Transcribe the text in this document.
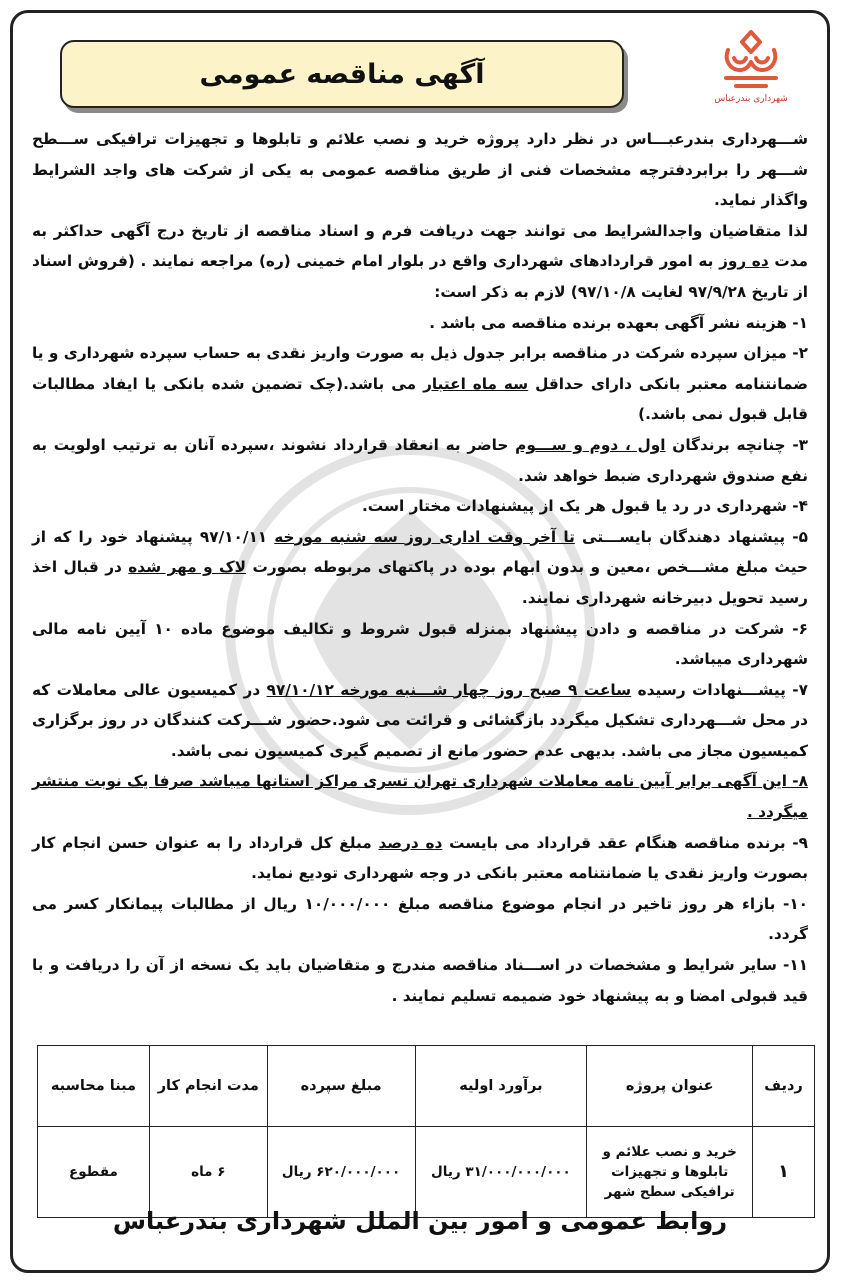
آگهی مناقصه عمومی
شهرداری بندرعباس

شـــهرداری بندرعبـــاس در نظر دارد پروژه خرید و نصب علائم و تابلوها و تجهیزات ترافیکی ســـطح شـــهر را برابردفترچه مشخصات فنی از طریق مناقصه عمومی به یکی از شرکت های واجد الشرایط واگذار نماید.

لذا متقاضیان واجدالشرایط می توانند جهت دریافت فرم و اسناد مناقصه از تاریخ درج آگهی حداکثر به مدت ده روز به امور قراردادهای شهرداری واقع در بلوار امام خمینی (ره) مراجعه نمایند . (فروش اسناد از تاریخ ۹۷/۹/۲۸ لغایت ۹۷/۱۰/۸) لازم به ذکر است:

۱- هزینه نشر آگهی بعهده برنده مناقصه می باشد .

۲- میزان سپرده شرکت در مناقصه برابر جدول ذیل به صورت واریز نقدی به حساب سپرده شهرداری و یا ضمانتنامه معتبر بانکی دارای حداقل سه ماه اعتبار می باشد.(چک تضمین شده بانکی یا ایفاد مطالبات قابل قبول نمی باشد.)

۳- چنانچه برندگان اول ، دوم و ســـوم حاضر به انعقاد قرارداد نشوند ،سپرده آنان به ترتیب اولویت به نفع صندوق شهرداری ضبط خواهد شد.

۴- شهرداری در رد یا قبول هر یک از پیشنهادات مختار است.

۵- پیشنهاد دهندگان بایســـتی تا آخر وقت اداری روز سه شنبه مورخه ۹۷/۱۰/۱۱ پیشنهاد خود را که از حیث مبلغ مشـــخص ،معین و بدون ابهام بوده در پاکتهای مربوطه بصورت لاک و مهر شده در قبال اخذ رسید تحویل دبیرخانه شهرداری نمایند.

۶- شرکت در مناقصه و دادن پیشنهاد بمنزله قبول شروط و تکالیف موضوع ماده ۱۰ آیین نامه مالی شهرداری میباشد.

۷- پیشـــنهادات رسیده ساعت ۹ صبح روز چهار شـــنبه مورخه ۹۷/۱۰/۱۲ در کمیسیون عالی معاملات که در محل شـــهرداری تشکیل میگردد بازگشائی و قرائت می شود.حضور شـــرکت کنندگان در روز برگزاری کمیسیون مجاز می باشد. بدیهی عدم حضور مانع از تصمیم گیری کمیسیون نمی باشد.

۸- این آگهی برابر آیین نامه معاملات شهرداری تهران تسری مراکز استانها میباشد صرفا یک نوبت منتشر میگردد .

۹- برنده مناقصه هنگام عقد قرارداد می بایست ده درصد مبلغ کل قرارداد را به عنوان حسن انجام کار بصورت واریز نقدی یا ضمانتنامه معتبر بانکی در وجه شهرداری تودیع نماید.

۱۰- بازاء هر روز تاخیر در انجام موضوع مناقصه مبلغ ۱۰/۰۰۰/۰۰۰ ریال از مطالبات پیمانکار کسر می گردد.

۱۱- سایر شرایط و مشخصات در اســـناد مناقصه مندرج و متقاضیان باید یک نسخه از آن را دریافت و با قید قبولی امضا و به پیشنهاد خود ضمیمه تسلیم نمایند .

ردیف	عنوان پروژه	برآورد اولیه	مبلغ سپرده	مدت انجام کار	مبنا محاسبه
۱	خرید و نصب علائم و تابلوها و تجهیزات ترافیکی سطح شهر	۳۱/۰۰۰/۰۰۰/۰۰۰ ریال	۶۲۰/۰۰۰/۰۰۰ ریال	۶ ماه	مقطوع
روابط عمومی و امور بین الملل شهرداری بندرعباس
